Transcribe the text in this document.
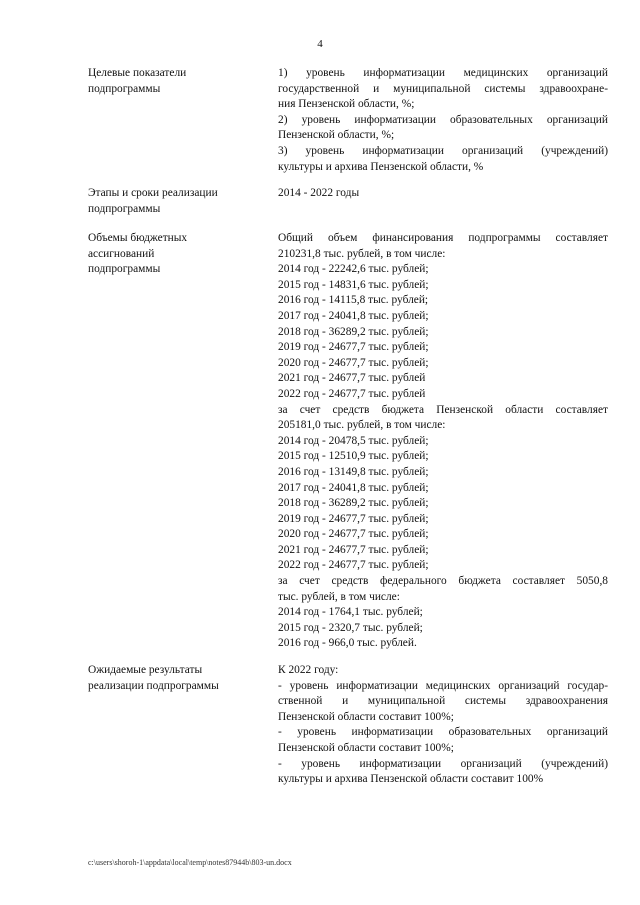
4
Целевые показатели
подпрограммы
1) уровень информатизации медицинских организаций
государственной и муниципальной системы здравоохране-
ния Пензенской области, %;
2) уровень информатизации образовательных организаций
Пензенской области, %;
3) уровень информатизации организаций (учреждений)
культуры и архива Пензенской области, %
Этапы и сроки реализации
подпрограммы
2014 - 2022 годы
Объемы бюджетных
ассигнований
подпрограммы
Общий объем финансирования подпрограммы составляет
210231,8 тыс. рублей, в том числе:
2014 год - 22242,6 тыс. рублей;
2015 год - 14831,6 тыс. рублей;
2016 год - 14115,8 тыс. рублей;
2017 год - 24041,8 тыс. рублей;
2018 год - 36289,2 тыс. рублей;
2019 год - 24677,7 тыс. рублей;
2020 год - 24677,7 тыс. рублей;
2021 год - 24677,7 тыс. рублей
2022 год - 24677,7 тыс. рублей
за счет средств бюджета Пензенской области составляет
205181,0 тыс. рублей, в том числе:
2014 год - 20478,5 тыс. рублей;
2015 год - 12510,9 тыс. рублей;
2016 год - 13149,8 тыс. рублей;
2017 год - 24041,8 тыс. рублей;
2018 год - 36289,2 тыс. рублей;
2019 год - 24677,7 тыс. рублей;
2020 год - 24677,7 тыс. рублей;
2021 год - 24677,7 тыс. рублей;
2022 год - 24677,7 тыс. рублей;
за счет средств федерального бюджета составляет 5050,8
тыс. рублей, в том числе:
2014 год - 1764,1 тыс. рублей;
2015 год - 2320,7 тыс. рублей;
2016 год - 966,0 тыс. рублей.
Ожидаемые результаты
реализации подпрограммы
К 2022 году:
- уровень информатизации медицинских организаций государ-
ственной и муниципальной системы здравоохранения
Пензенской области составит 100%;
- уровень информатизации образовательных организаций
Пензенской области составит 100%;
- уровень информатизации организаций (учреждений)
культуры и архива Пензенской области составит 100%
c:\users\shoroh-1\appdata\local\temp\notes87944b\803-un.docx
